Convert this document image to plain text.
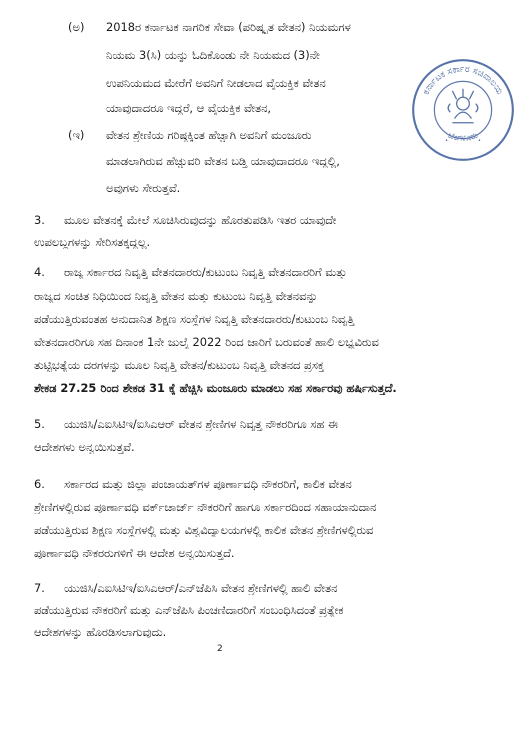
(ಅ) 2018ರ ಕರ್ನಾಟಕ ನಾಗರಿಕ ಸೇವಾ (ಪರಿಷ್ಕೃತ ವೇತನ) ನಿಯಮಗಳ
ನಿಯಮ 3(ಸಿ) ಯನ್ನು ಓದಿಕೊಂಡು ನೇ ನಿಯಮದ (3)ನೇ
ಉಪನಿಯಮದ ಮೇರೆಗೆ ಅವನಿಗೆ ನೀಡಲಾದ ವೈಯಕ್ತಿಕ ವೇತನ
ಯಾವುದಾದರೂ ಇದ್ದರೆ, ಆ ವೈಯಕ್ತಿಕ ವೇತನ,
(ಇ) ವೇತನ ಶ್ರೇಣಿಯ ಗರಿಷ್ಠಕ್ಕಿಂತ ಹೆಚ್ಚಾಗಿ ಅವನಿಗೆ ಮಂಜೂರು
ಮಾಡಲಾಗಿರುವ ಹೆಚ್ಚುವರಿ ವೇತನ ಬಡ್ತಿ ಯಾವುದಾದರೂ ಇದ್ದಲ್ಲಿ,
ಅವುಗಳು ಸೇರುತ್ತವೆ.
3. ಮೂಲ ವೇತನಕ್ಕೆ ಮೇಲೆ ಸೂಚಿಸಿರುವುದನ್ನು ಹೊರತುಪಡಿಸಿ ಇತರ ಯಾವುದೇ
ಉಪಲಬ್ಧಗಳನ್ನು ಸೇರಿಸತಕ್ಕದ್ದಲ್ಲ.
4. ರಾಜ್ಯ ಸರ್ಕಾರದ ನಿವೃತ್ತಿ ವೇತನದಾರರು/ಕುಟುಂಬ ನಿವೃತ್ತಿ ವೇತನದಾರರಿಗೆ ಮತ್ತು
ರಾಜ್ಯದ ಸಂಚಿತ ನಿಧಿಯಿಂದ ನಿವೃತ್ತಿ ವೇತನ ಮತ್ತು ಕುಟುಂಬ ನಿವೃತ್ತಿ ವೇತನವನ್ನು
ಪಡೆಯುತ್ತಿರುವಂತಹ ಅನುದಾನಿತ ಶಿಕ್ಷಣ ಸಂಸ್ಥೆಗಳ ನಿವೃತ್ತಿ ವೇತನದಾರರು/ಕುಟುಂಬ ನಿವೃತ್ತಿ
ವೇತನದಾರರಿಗೂ ಸಹ ದಿನಾಂಕ 1ನೇ ಜುಲೈ 2022 ರಿಂದ ಜಾರಿಗೆ ಬರುವಂತೆ ಹಾಲಿ ಲಭ್ಯವಿರುವ
ತುಟ್ಟಿಭತ್ಯೆಯ ದರಗಳನ್ನು ಮೂಲ ನಿವೃತ್ತಿ ವೇತನ/ಕುಟುಂಬ ನಿವೃತ್ತಿ ವೇತನದ ಪ್ರಸಕ್ತ
ಶೇಕಡ 27.25 ರಿಂದ ಶೇಕಡ 31 ಕ್ಕೆ ಹೆಚ್ಚಿಸಿ ಮಂಜೂರು ಮಾಡಲು ಸಹ ಸರ್ಕಾರವು ಹರ್ಷಿಸುತ್ತದೆ.
5. ಯುಜಿಸಿ/ಎಐಸಿಟಿಇ/ಐಸಿಎಆರ್ ವೇತನ ಶ್ರೇಣಿಗಳ ನಿವೃತ್ತ ನೌಕರರಿಗೂ ಸಹ ಈ
ಆದೇಶಗಳು ಅನ್ವಯಿಸುತ್ತವೆ.
6. ಸರ್ಕಾರದ ಮತ್ತು ಜಿಲ್ಲಾ ಪಂಚಾಯತ್‌ಗಳ ಪೂರ್ಣಾವಧಿ ನೌಕರರಿಗೆ, ಕಾಲಿಕ ವೇತನ
ಶ್ರೇಣಿಗಳಲ್ಲಿರುವ ಪೂರ್ಣಾವಧಿ ವರ್ಕ್‌ಚಾರ್ಜ್ ನೌಕರರಿಗೆ ಹಾಗೂ ಸರ್ಕಾರದಿಂದ ಸಹಾಯಾನುದಾನ
ಪಡೆಯುತ್ತಿರುವ ಶಿಕ್ಷಣ ಸಂಸ್ಥೆಗಳಲ್ಲಿ ಮತ್ತು ವಿಶ್ವವಿದ್ಯಾಲಯಗಳಲ್ಲಿ ಕಾಲಿಕ ವೇತನ ಶ್ರೇಣಿಗಳಲ್ಲಿರುವ
ಪೂರ್ಣಾವಧಿ ನೌಕರರುಗಳಿಗೆ ಈ ಆದೇಶ ಅನ್ವಯಿಸುತ್ತದೆ.
7. ಯುಜಿಸಿ/ಎಐಸಿಟಿಇ/ಐಸಿಎಆರ್/ಎನ್‌ಜೆಪಿಸಿ ವೇತನ ಶ್ರೇಣಿಗಳಲ್ಲಿ ಹಾಲಿ ವೇತನ
ಪಡೆಯುತ್ತಿರುವ ನೌಕರರಿಗೆ ಮತ್ತು ಎನ್‌ಜೆಪಿಸಿ ಪಿಂಚಣಿದಾರರಿಗೆ ಸಂಬಂಧಿಸಿದಂತೆ ಪ್ರತ್ಯೇಕ
ಆದೇಶಗಳನ್ನು ಹೊರಡಿಸಲಾಗುವುದು.
2
ಕರ್ನಾಟಕ ಸರ್ಕಾರ ಸಚಿವಾಲಯ
ಬೆಂಗಳೂರು
•	•
